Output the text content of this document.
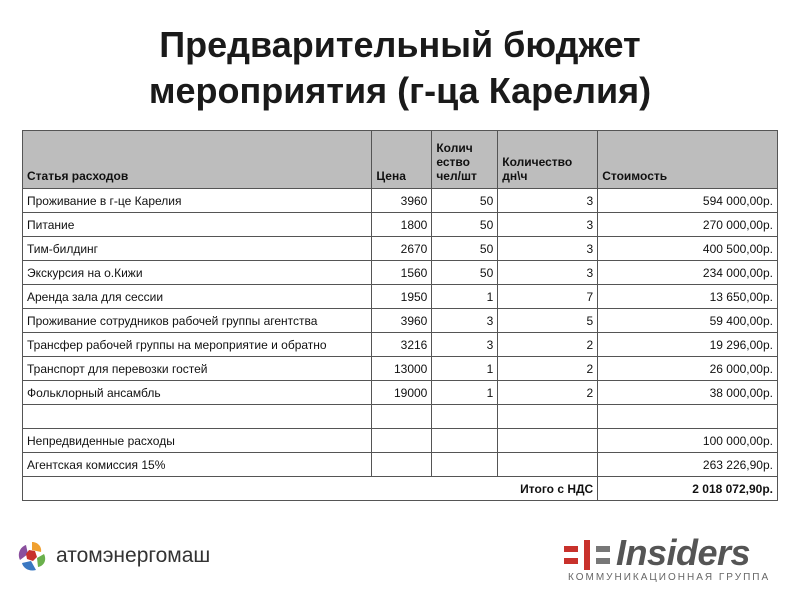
Предварительный бюджет
мероприятия (г-ца Карелия)
Статья расходов	Цена	Колич ество чел/шт	Количество дн\ч	Стоимость
Проживание в г-це Карелия	3960	50	3	594 000,00р.
Питание	1800	50	3	270 000,00р.
Тим-билдинг	2670	50	3	400 500,00р.
Экскурсия на о.Кижи	1560	50	3	234 000,00р.
Аренда зала для сессии	1950	1	7	13 650,00р.
Проживание сотрудников рабочей группы агентства	3960	3	5	59 400,00р.
Трансфер рабочей группы на мероприятие и обратно	3216	3	2	19 296,00р.
Транспорт для перевозки гостей	13000	1	2	26 000,00р.
Фольклорный ансамбль	19000	1	2	38 000,00р.

Непредвиденные расходы				100 000,00р.
Агентская комиссия 15%				263 226,90р.
Итого с НДС				2 018 072,90р.
атомэнергомаш	Insiders
КОММУНИКАЦИОННАЯ ГРУППА
